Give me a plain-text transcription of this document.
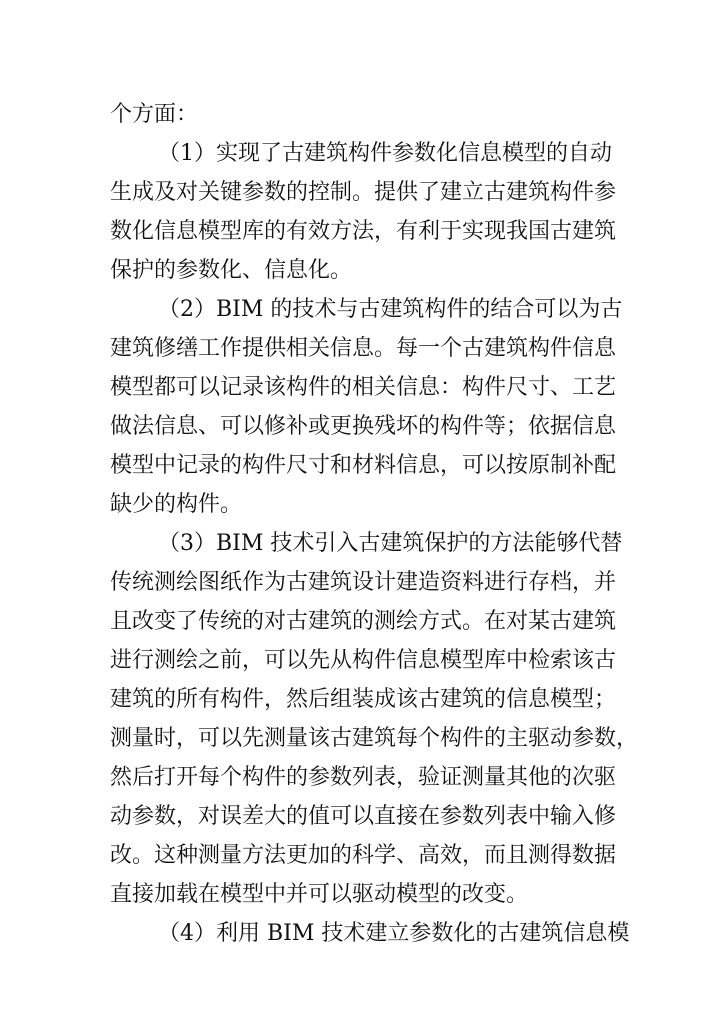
个方面：
（1）实现了古建筑构件参数化信息模型的自动
生成及对关键参数的控制。提供了建立古建筑构件参
数化信息模型库的有效方法，有利于实现我国古建筑
保护的参数化、信息化。
（2）BIM 的技术与古建筑构件的结合可以为古
建筑修缮工作提供相关信息。每一个古建筑构件信息
模型都可以记录该构件的相关信息：构件尺寸、工艺
做法信息、可以修补或更换残坏的构件等；依据信息
模型中记录的构件尺寸和材料信息，可以按原制补配
缺少的构件。
（3）BIM 技术引入古建筑保护的方法能够代替
传统测绘图纸作为古建筑设计建造资料进行存档，并
且改变了传统的对古建筑的测绘方式。在对某古建筑
进行测绘之前，可以先从构件信息模型库中检索该古
建筑的所有构件，然后组装成该古建筑的信息模型；
测量时，可以先测量该古建筑每个构件的主驱动参数，
然后打开每个构件的参数列表，验证测量其他的次驱
动参数，对误差大的值可以直接在参数列表中输入修
改。这种测量方法更加的科学、高效，而且测得数据
直接加载在模型中并可以驱动模型的改变。
（4）利用 BIM 技术建立参数化的古建筑信息模
